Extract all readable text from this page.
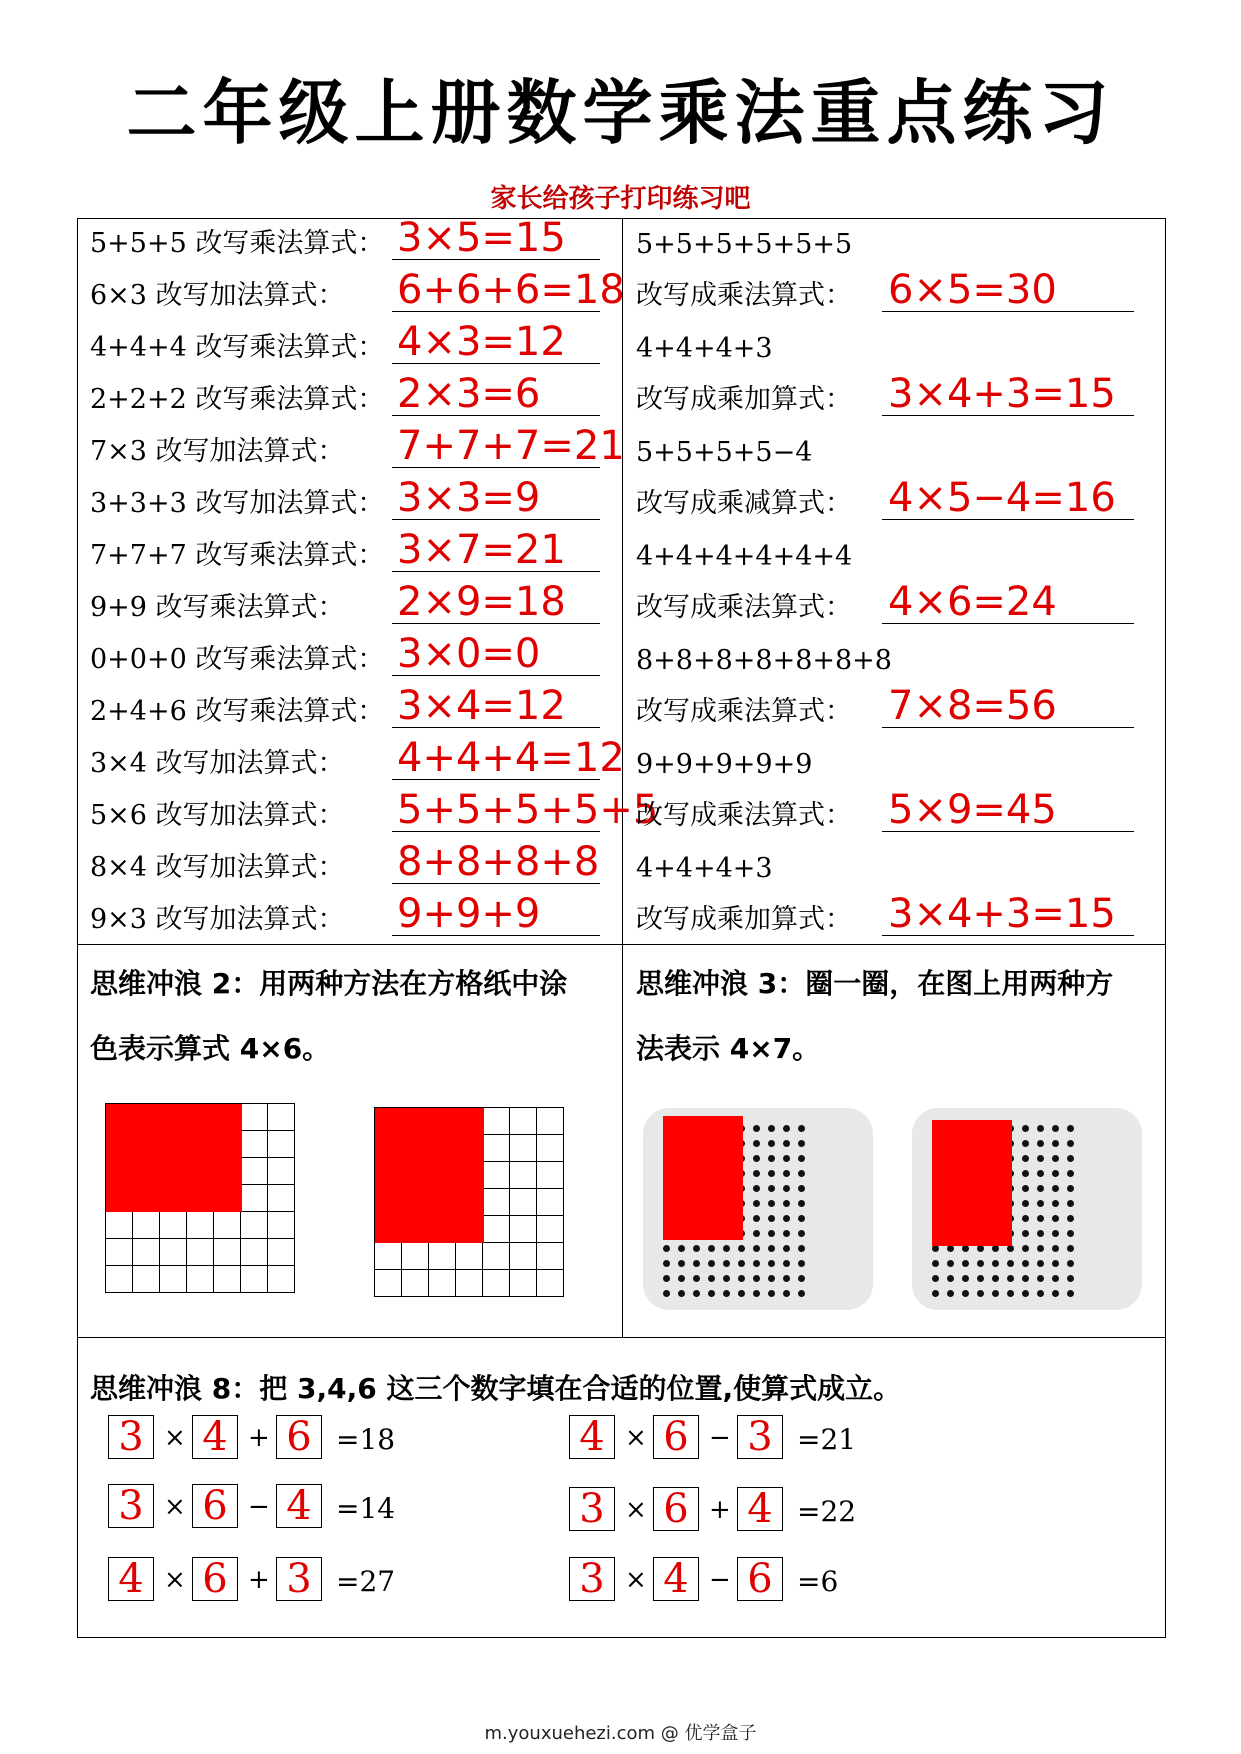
二年级上册数学乘法重点练习
家长给孩子打印练习吧
5+5+5 改写乘法算式： 3×5=15
6×3 改写加法算式： 6+6+6=18
4+4+4 改写乘法算式： 4×3=12
2+2+2 改写乘法算式： 2×3=6
7×3 改写加法算式： 7+7+7=21
3+3+3 改写加法算式： 3×3=9
7+7+7 改写乘法算式： 3×7=21
9+9 改写乘法算式： 2×9=18
0+0+0 改写乘法算式： 3×0=0
2+4+6 改写乘法算式： 3×4=12
3×4 改写加法算式： 4+4+4=12
5×6 改写加法算式： 5+5+5+5+5
8×4 改写加法算式： 8+8+8+8
9×3 改写加法算式： 9+9+9
5+5+5+5+5+5
改写成乘法算式： 6×5=30
4+4+4+3
改写成乘加算式： 3×4+3=15
5+5+5+5−4
改写成乘减算式： 4×5−4=16
4+4+4+4+4+4
改写成乘法算式： 4×6=24
8+8+8+8+8+8+8
改写成乘法算式： 7×8=56
9+9+9+9+9
改写成乘法算式： 5×9=45
4+4+4+3
改写成乘加算式： 3×4+3=15
思维冲浪 2：用两种方法在方格纸中涂
色表示算式 4×6。
思维冲浪 3：圈一圈，在图上用两种方
法表示 4×7。
思维冲浪 8：把 3,4,6 这三个数字填在合适的位置,使算式成立。
3 × 4 + 6 =18
3 × 6 − 4 =14
4 × 6 + 3 =27
4 × 6 − 3 =21
3 × 6 + 4 =22
3 × 4 − 6 =6
m.youxuehezi.com @ 优学盒子
